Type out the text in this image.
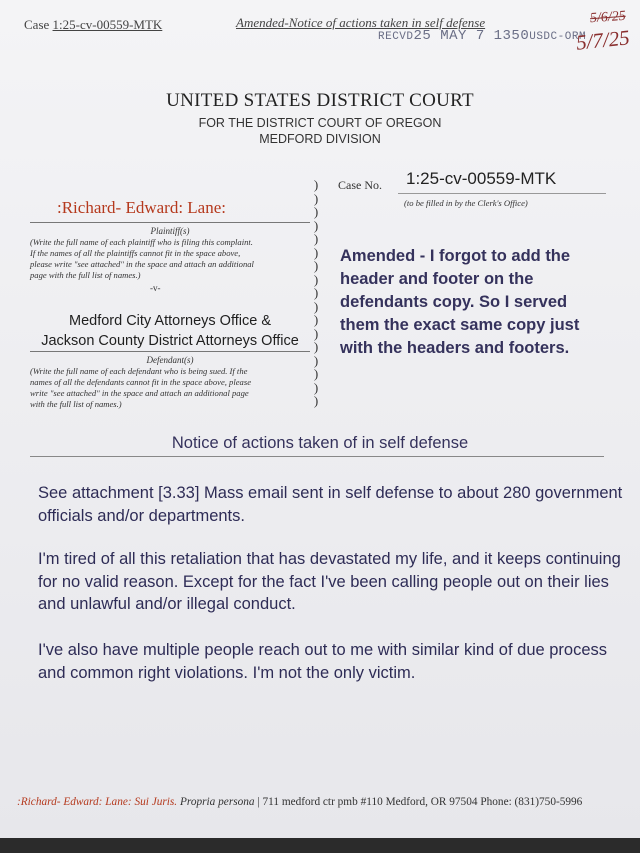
Case 1:25-cv-00559-MTK	Amended-Notice of actions taken in self defense
RECVD25 MAY 7 1350USDC-ORM
5/6/25
5/7/25
UNITED STATES DISTRICT COURT
FOR THE DISTRICT COURT OF OREGON
MEDFORD DIVISION
)
)
)
)
)
)
)
)
)
)
)
)
)
)
)
)
)
:Richard- Edward: Lane:
Plaintiff(s)
(Write the full name of each plaintiff who is filing this complaint.
If the names of all the plaintiffs cannot fit in the space above,
please write "see attached" in the space and attach an additional
page with the full list of names.)
-v-
Medford City Attorneys Office &
Jackson County District Attorneys Office
Defendant(s)
(Write the full name of each defendant who is being sued. If the
names of all the defendants cannot fit in the space above, please
write "see attached" in the space and attach an additional page
with the full list of names.)
Case No. 1:25-cv-00559-MTK
(to be filled in by the Clerk's Office)
Amended - I forgot to add the header and footer on the defendants copy. So I served them the exact same copy just with the headers and footers.
Notice of actions taken of in self defense
See attachment [3.33] Mass email sent in self defense to about 280 government officials and/or departments.
I'm tired of all this retaliation that has devastated my life, and it keeps continuing for no valid reason. Except for the fact I've been calling people out on their lies and unlawful and/or illegal conduct.
I've also have multiple people reach out to me with similar kind of due process and common right violations. I'm not the only victim.
:Richard- Edward: Lane: Sui Juris. Propria persona | 711 medford ctr pmb #110 Medford, OR 97504 Phone: (831)750-5996
